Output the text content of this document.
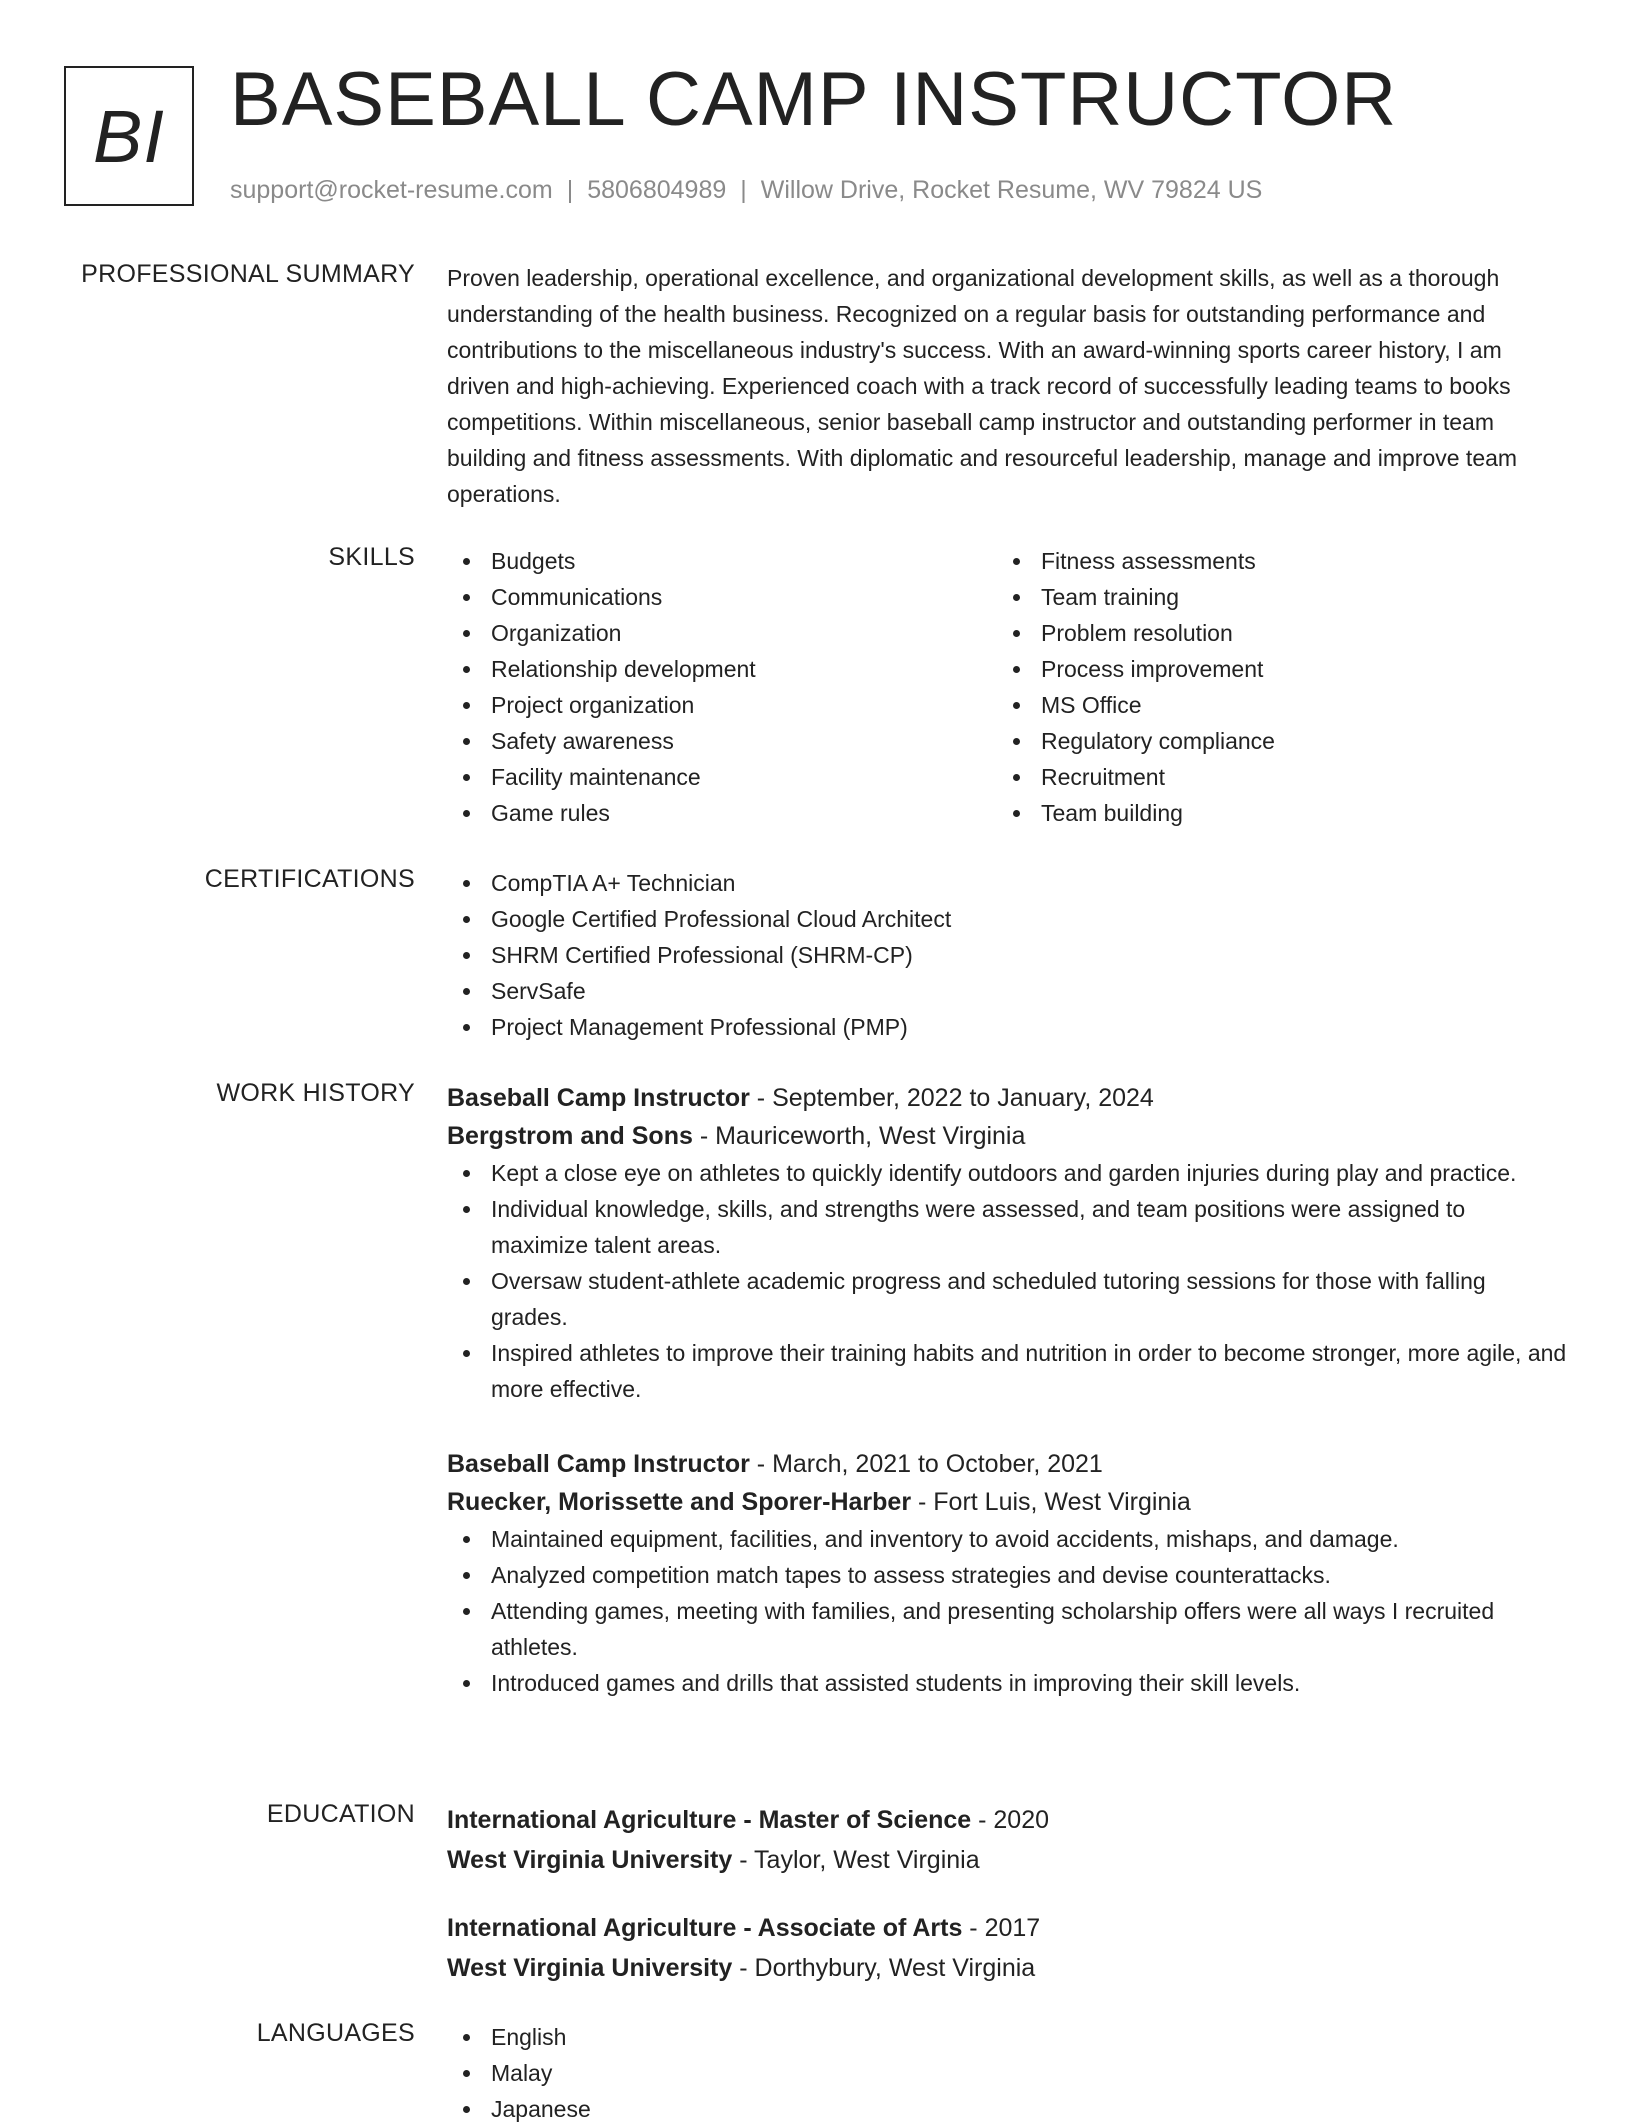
BI BASEBALL CAMP INSTRUCTOR
support@rocket-resume.com | 5806804989 | Willow Drive, Rocket Resume, WV 79824 US
PROFESSIONAL SUMMARY Proven leadership, operational excellence, and organizational development skills, as well as a thorough understanding of the health business. Recognized on a regular basis for outstanding performance and contributions to the miscellaneous industry's success. With an award-winning sports career history, I am driven and high-achieving. Experienced coach with a track record of successfully leading teams to books competitions. Within miscellaneous, senior baseball camp instructor and outstanding performer in team building and fitness assessments. With diplomatic and resourceful leadership, manage and improve team operations.

SKILLS	Budgets
Communications
Organization
Relationship development
Project organization
Safety awareness
Facility maintenance
Game rules
Fitness assessments
Team training
Problem resolution
Process improvement
MS Office
Regulatory compliance
Recruitment
Team building
CERTIFICATIONS	CompTIA A+ Technician
Google Certified Professional Cloud Architect
SHRM Certified Professional (SHRM-CP)
ServSafe
Project Management Professional (PMP)
WORK HISTORY Baseball Camp Instructor - September, 2022 to January, 2024
Bergstrom and Sons - Mauriceworth, West Virginia
Kept a close eye on athletes to quickly identify outdoors and garden injuries during play and practice.
Individual knowledge, skills, and strengths were assessed, and team positions were assigned to maximize talent areas.
Oversaw student-athlete academic progress and scheduled tutoring sessions for those with falling grades.
Inspired athletes to improve their training habits and nutrition in order to become stronger, more agile, and more effective.
Baseball Camp Instructor - March, 2021 to October, 2021
Ruecker, Morissette and Sporer-Harber - Fort Luis, West Virginia
Maintained equipment, facilities, and inventory to avoid accidents, mishaps, and damage.
Analyzed competition match tapes to assess strategies and devise counterattacks.
Attending games, meeting with families, and presenting scholarship offers were all ways I recruited athletes.
Introduced games and drills that assisted students in improving their skill levels.
EDUCATION International Agriculture - Master of Science - 2020
West Virginia University - Taylor, West Virginia
International Agriculture - Associate of Arts - 2017
West Virginia University - Dorthybury, West Virginia
LANGUAGES	English
Malay
Japanese
